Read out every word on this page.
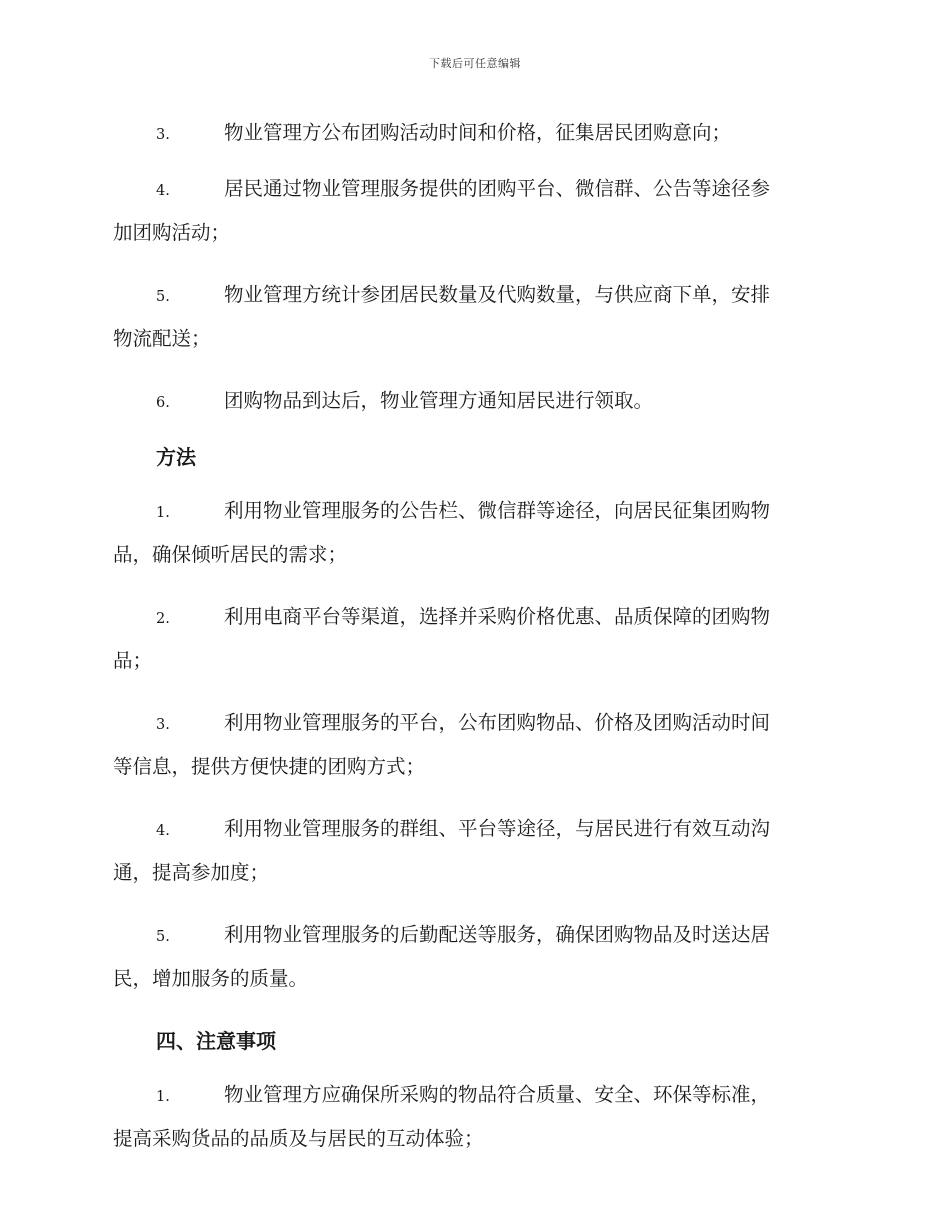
下载后可任意编辑
3.	物业管理方公布团购活动时间和价格，征集居民团购意向；
4.	居民通过物业管理服务提供的团购平台、微信群、公告等途径参
加团购活动；
5.	物业管理方统计参团居民数量及代购数量，与供应商下单，安排
物流配送；
6.	团购物品到达后，物业管理方通知居民进行领取。
方法
1.	利用物业管理服务的公告栏、微信群等途径，向居民征集团购物
品，确保倾听居民的需求；
2.	利用电商平台等渠道，选择并采购价格优惠、品质保障的团购物
品；
3.	利用物业管理服务的平台，公布团购物品、价格及团购活动时间
等信息，提供方便快捷的团购方式；
4.	利用物业管理服务的群组、平台等途径，与居民进行有效互动沟
通，提高参加度；
5.	利用物业管理服务的后勤配送等服务，确保团购物品及时送达居
民，增加服务的质量。
四、注意事项
1.	物业管理方应确保所采购的物品符合质量、安全、环保等标准，
提高采购货品的品质及与居民的互动体验；
